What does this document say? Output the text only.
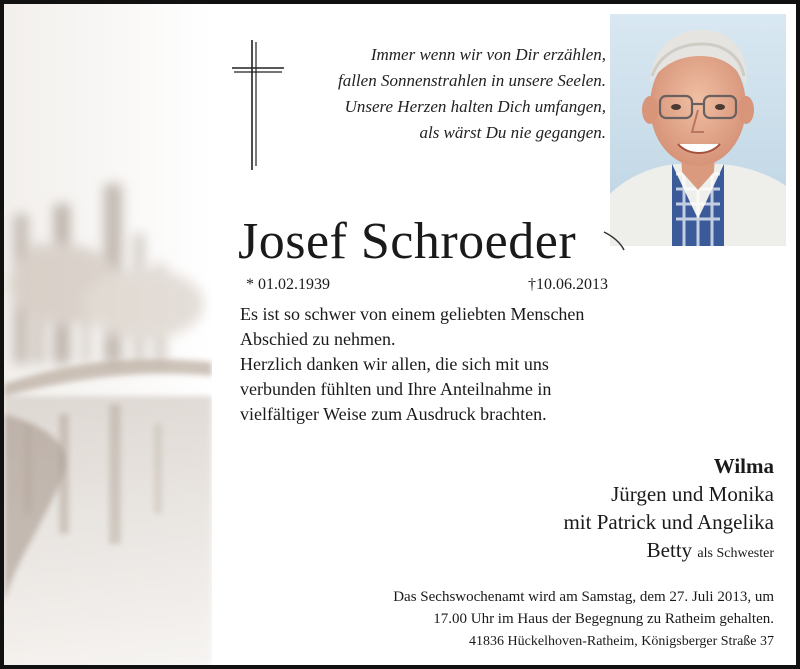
Immer wenn wir von Dir erzählen,
fallen Sonnenstrahlen in unsere Seelen.
Unsere Herzen halten Dich umfangen,
als wärst Du nie gegangen.
Josef Schroeder
* 01.02.1939	†10.06.2013
Es ist so schwer von einem geliebten Menschen
Abschied zu nehmen.
Herzlich danken wir allen, die sich mit uns
verbunden fühlten und Ihre Anteilnahme in
vielfältiger Weise zum Ausdruck brachten.
Wilma
Jürgen und Monika
mit Patrick und Angelika
Betty als Schwester
Das Sechswochenamt wird am Samstag, dem 27. Juli 2013, um
17.00 Uhr im Haus der Begegnung zu Ratheim gehalten.
41836 Hückelhoven-Ratheim, Königsberger Straße 37
